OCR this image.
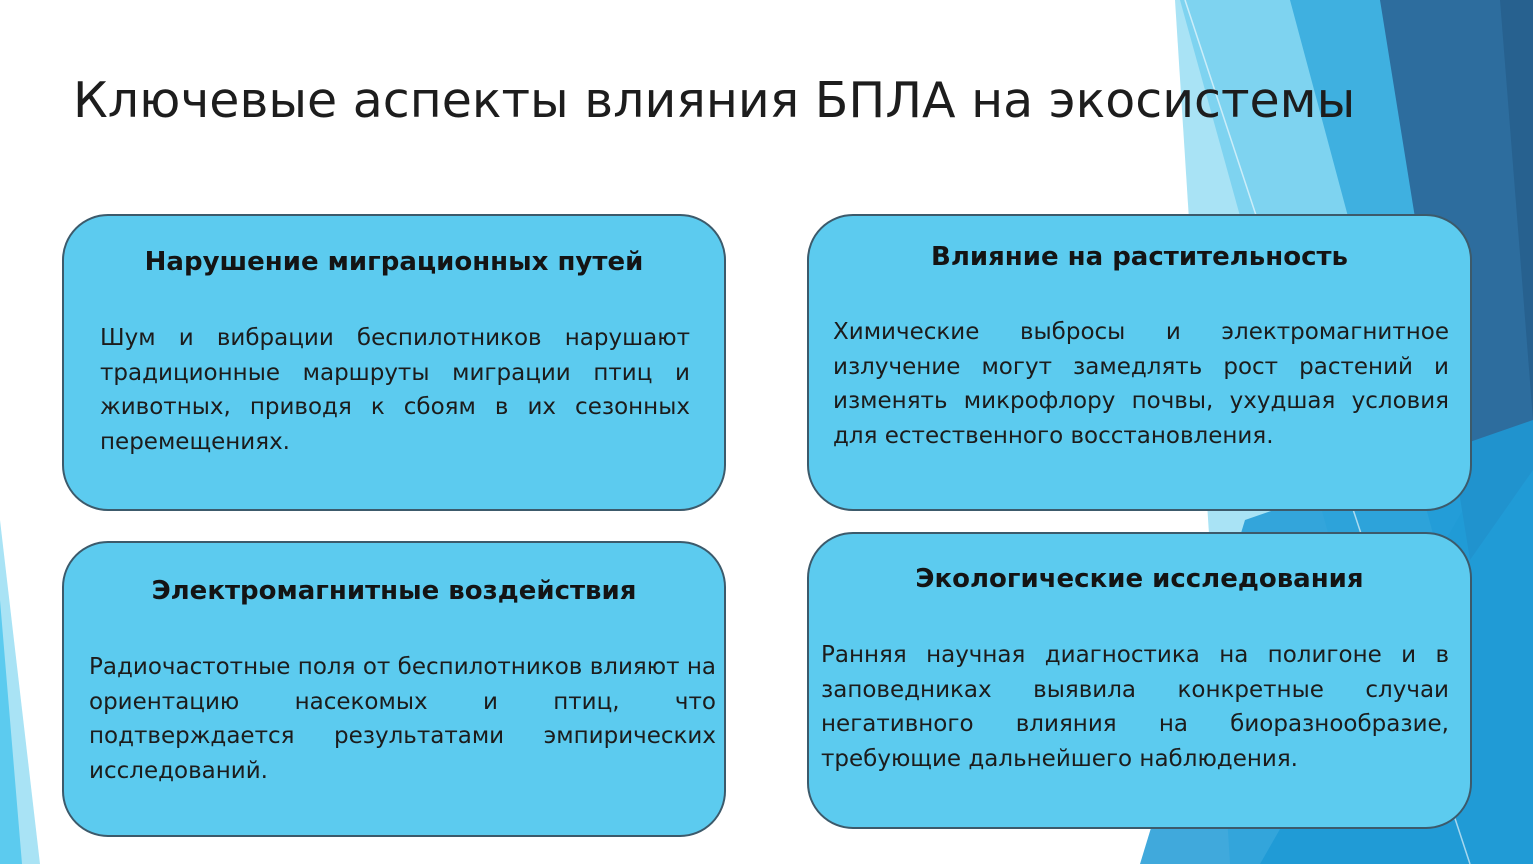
Ключевые аспекты влияния БПЛА на экосистемы
Нарушение миграционных путей
Шум и вибрации беспилотников нарушают традиционные маршруты миграции птиц и животных, приводя к сбоям в их сезонных перемещениях.
Влияние на растительность
Химические выбросы и электромагнитное излучение могут замедлять рост растений и изменять микрофлору почвы, ухудшая условия для естественного восстановления.
Электромагнитные воздействия
Радиочастотные поля от беспилотников влияют на ориентацию насекомых и птиц, что подтверждается результатами эмпирических исследований.
Экологические исследования
Ранняя научная диагностика на полигоне и в заповедниках выявила конкретные случаи негативного влияния на биоразнообразие, требующие дальнейшего наблюдения.
